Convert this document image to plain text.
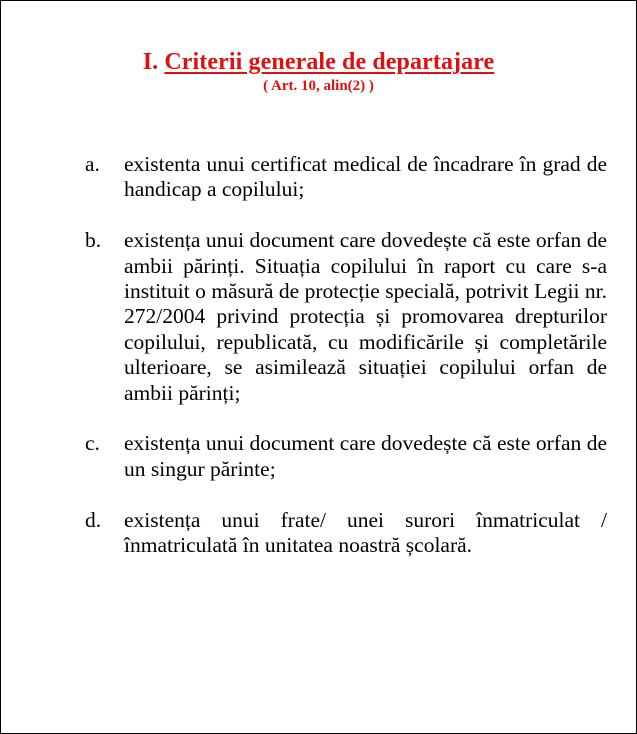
I. Criterii generale de departajare
( Art. 10, alin(2) )
a.	existenta unui certificat medical de încadrare în grad de handicap a copilului;
b.	existența unui document care dovedește că este orfan de ambii părinți. Situația copilului în raport cu care s-a instituit o măsură de protecție specială, potrivit Legii nr. 272/2004 privind protecția și promovarea drepturilor copilului, republicată, cu modificările și completările ulterioare, se asimilează situației copilului orfan de ambii părinți;
c.	existența unui document care dovedește că este orfan de un singur părinte;
d.	existența unui frate/ unei surori înmatriculat / înmatriculată în unitatea noastră școlară.
